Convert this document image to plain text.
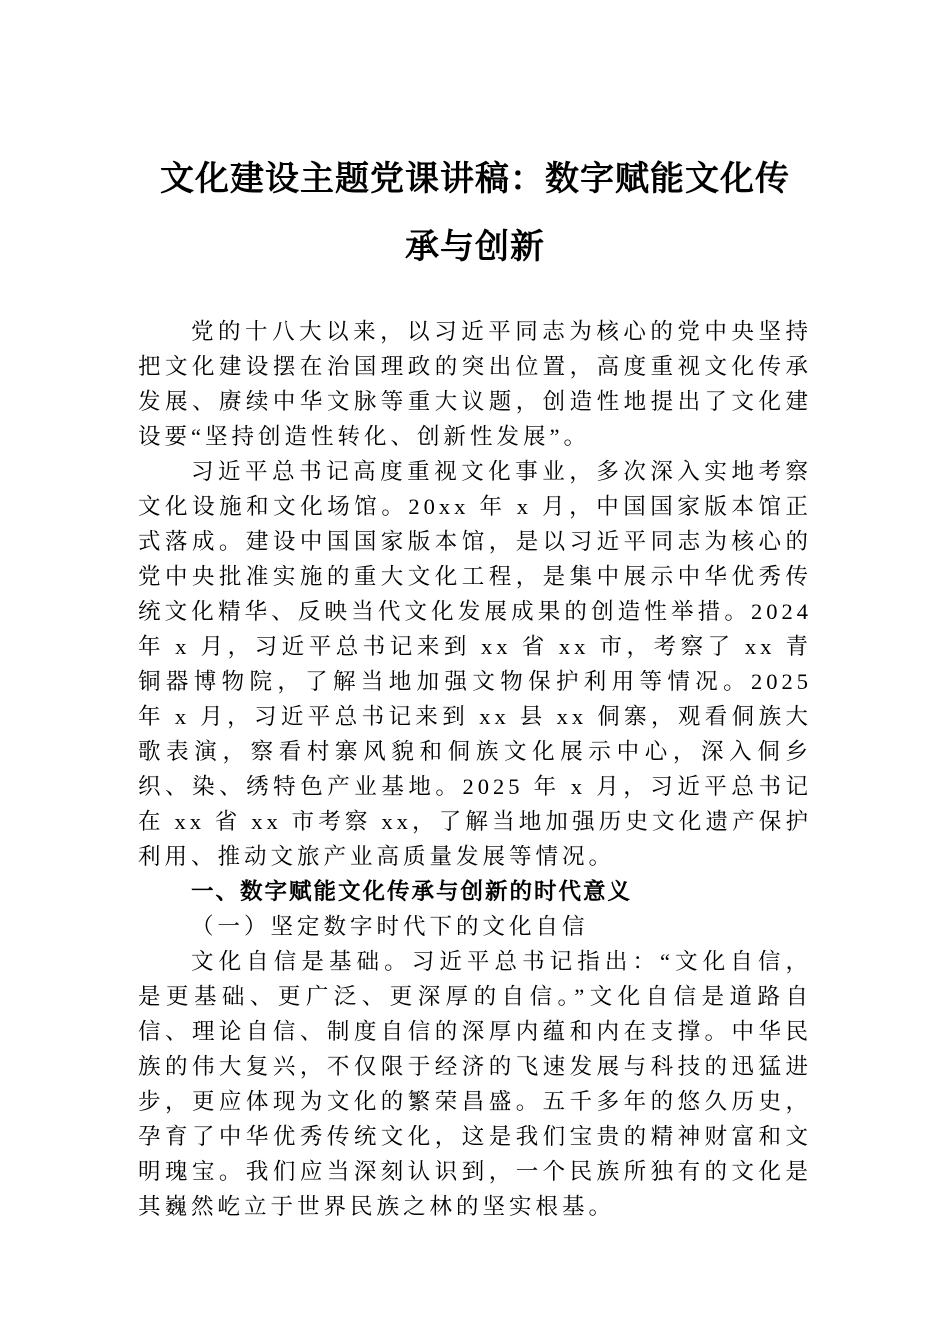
文化建设主题党课讲稿：数字赋能文化传
承与创新

党的十八大以来，以习近平同志为核心的党中央坚持把文化建设摆在治国理政的突出位置，高度重视文化传承发展、赓续中华文脉等重大议题，创造性地提出了文化建设要“坚持创造性转化、创新性发展”。

习近平总书记高度重视文化事业，多次深入实地考察文化设施和文化场馆。20xx 年 x 月，中国国家版本馆正式落成。建设中国国家版本馆，是以习近平同志为核心的党中央批准实施的重大文化工程，是集中展示中华优秀传统文化精华、反映当代文化发展成果的创造性举措。2024 年 x 月，习近平总书记来到 xx 省 xx 市，考察了 xx 青铜器博物院，了解当地加强文物保护利用等情况。2025 年 x 月，习近平总书记来到 xx 县 xx 侗寨，观看侗族大歌表演，察看村寨风貌和侗族文化展示中心，深入侗乡织、染、绣特色产业基地。2025 年 x 月，习近平总书记在 xx 省 xx 市考察 xx，了解当地加强历史文化遗产保护利用、推动文旅产业高质量发展等情况。

一、数字赋能文化传承与创新的时代意义

（一）坚定数字时代下的文化自信

文化自信是基础。习近平总书记指出：“文化自信，是更基础、更广泛、更深厚的自信。”文化自信是道路自信、理论自信、制度自信的深厚内蕴和内在支撑。中华民族的伟大复兴，不仅限于经济的飞速发展与科技的迅猛进步，更应体现为文化的繁荣昌盛。五千多年的悠久历史，孕育了中华优秀传统文化，这是我们宝贵的精神财富和文明瑰宝。我们应当深刻认识到，一个民族所独有的文化是其巍然屹立于世界民族之林的坚实根基。
